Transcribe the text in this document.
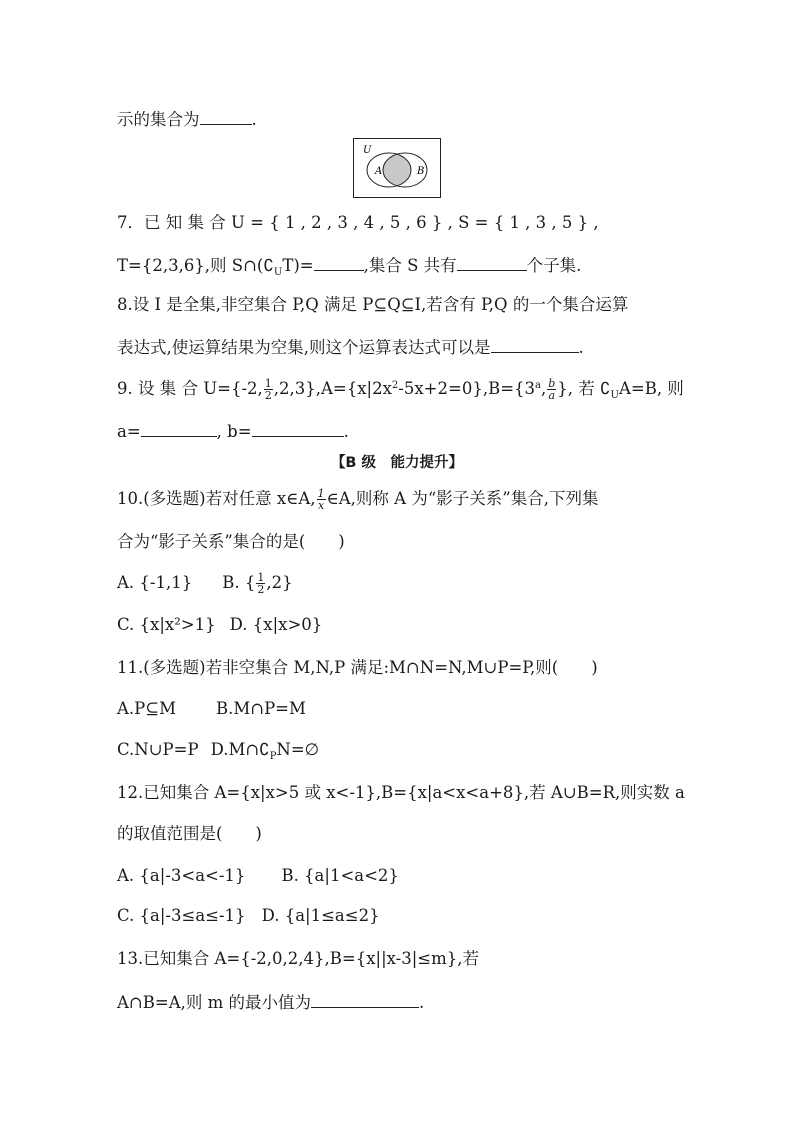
示的集合为	.
U
A	B
7．已 知 集 合 U = { 1 , 2 , 3 , 4 , 5 , 6 } , S = { 1 , 3 , 5 } ,
T={2,3,6},则 $S\cap(∁_UT)=$	,集合 S 共有	个子集.
8.设 I 是全集,非空集合 P,Q 满足 P⊆Q⊆I,若含有 P,Q 的一个集合运算
表达式,使运算结果为空集,则这个运算表达式可以是	.
9. 设 集 合 U={-2, $\frac{1}{2} ,2,3\},A=\{x|2x^2-5x+2=0\},B=\{3^a$, $\frac{b}{a}$ }, 若 $∁_UA=B$, 则
a=	, b=	.
【B 级　能力提升】
10.(多选题)若对任意 x∈A, $\frac{1}{x}$ ∈A,则称 A 为“影子关系”集合,下列集
合为“影子关系”集合的是(　　)
A. {-1,1} B. { $\frac{1}{2} ,2$}
C. {x|x²>1} D. {x|x>0}
11.(多选题)若非空集合 M,N,P 满足:M∩N=N,M∪P=P,则(　　)
A.P⊆M B.M∩P=M
C.N∪P=P $D.M\cap∁_PN=\emptyset$
12.已知集合 A={x|x>5 或 x<-1},B={x|a<x<a+8},若 A∪B=R,则实数 a
的取值范围是(　　)
A. {a|-3<a<-1} B. {a|1<a<2}
C. {a|-3≤a≤-1} D. {a|1≤a≤2}
13.已知集合 A={-2,0,2,4},B={x||x-3|≤m},若
A∩B=A,则 m 的最小值为	.
